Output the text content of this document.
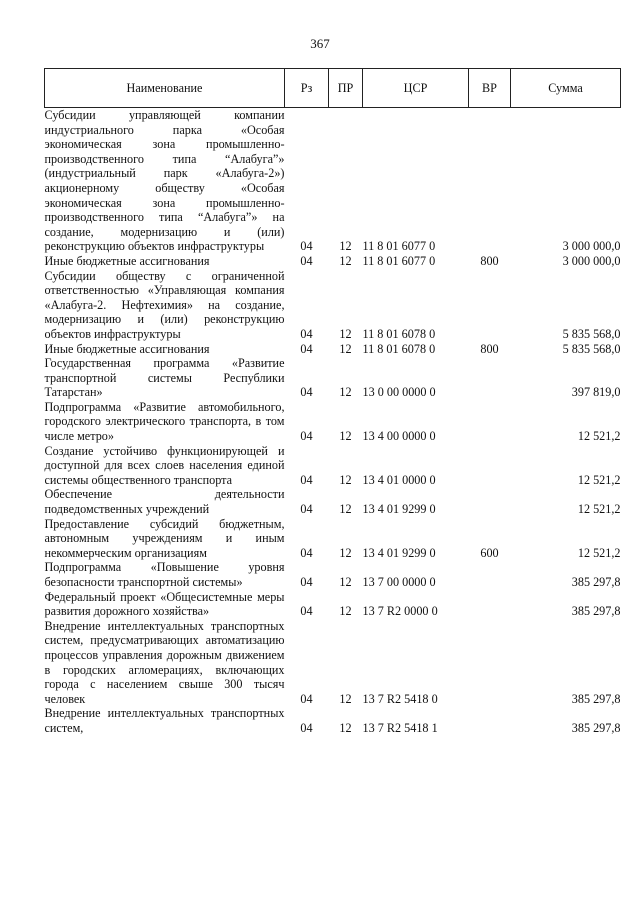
367
Наименование	Рз	ПР	ЦСР	ВР	Сумма
Субсидии управляющей компании индустриального парка «Особая экономическая зона промышленно-производственного типа “Алабуга”» (индустриальный парк «Алабуга-2») акционерному обществу «Особая экономическая зона промышленно-производственного типа “Алабуга”» на создание, модернизацию и (или) реконструкцию объектов инфраструктуры	04	12	11 8 01 6077 0		3 000 000,0
Иные бюджетные ассигнования	04	12	11 8 01 6077 0	800	3 000 000,0
Субсидии обществу с ограниченной ответственностью «Управляющая компания «Алабуга-2. Нефтехимия» на создание, модернизацию и (или) реконструкцию объектов инфраструктуры	04	12	11 8 01 6078 0		5 835 568,0
Иные бюджетные ассигнования	04	12	11 8 01 6078 0	800	5 835 568,0
Государственная программа «Развитие транспортной системы Республики Татарстан»	04	12	13 0 00 0000 0		397 819,0
Подпрограмма «Развитие автомобильного, городского электрического транспорта, в том числе метро»	04	12	13 4 00 0000 0		12 521,2
Создание устойчиво функционирующей и доступной для всех слоев населения единой системы общественного транспорта	04	12	13 4 01 0000 0		12 521,2
Обеспечение деятельности подведомственных учреждений	04	12	13 4 01 9299 0		12 521,2
Предоставление субсидий бюджетным, автономным учреждениям и иным некоммерческим организациям	04	12	13 4 01 9299 0	600	12 521,2
Подпрограмма «Повышение уровня безопасности транспортной системы»	04	12	13 7 00 0000 0		385 297,8
Федеральный проект «Общесистемные меры развития дорожного хозяйства»	04	12	13 7 R2 0000 0		385 297,8
Внедрение интеллектуальных транспортных систем, предусматривающих автоматизацию процессов управления дорожным движением в городских агломерациях, включающих города с населением свыше 300 тысяч человек	04	12	13 7 R2 5418 0		385 297,8
Внедрение интеллектуальных транспортных систем,	04	12	13 7 R2 5418 1		385 297,8
